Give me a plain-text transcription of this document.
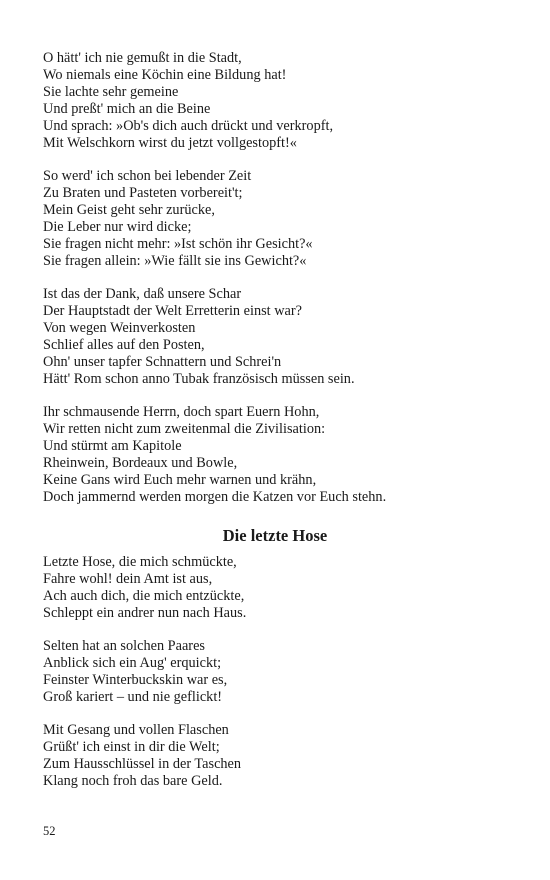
O hätt' ich nie gemußt in die Stadt,
Wo niemals eine Köchin eine Bildung hat!
Sie lachte sehr gemeine
Und preßt' mich an die Beine
Und sprach: »Ob's dich auch drückt und verkropft,
Mit Welschkorn wirst du jetzt vollgestopft!«
So werd' ich schon bei lebender Zeit
Zu Braten und Pasteten vorbereit't;
Mein Geist geht sehr zurücke,
Die Leber nur wird dicke;
Sie fragen nicht mehr: »Ist schön ihr Gesicht?«
Sie fragen allein: »Wie fällt sie ins Gewicht?«
Ist das der Dank, daß unsere Schar
Der Hauptstadt der Welt Erretterin einst war?
Von wegen Weinverkosten
Schlief alles auf den Posten,
Ohn' unser tapfer Schnattern und Schrei'n
Hätt' Rom schon anno Tubak französisch müssen sein.
Ihr schmausende Herrn, doch spart Euern Hohn,
Wir retten nicht zum zweitenmal die Zivilisation:
Und stürmt am Kapitole
Rheinwein, Bordeaux und Bowle,
Keine Gans wird Euch mehr warnen und krähn,
Doch jammernd werden morgen die Katzen vor Euch stehn.
Die letzte Hose
Letzte Hose, die mich schmückte,
Fahre wohl! dein Amt ist aus,
Ach auch dich, die mich entzückte,
Schleppt ein andrer nun nach Haus.
Selten hat an solchen Paares
Anblick sich ein Aug' erquickt;
Feinster Winterbuckskin war es,
Groß kariert – und nie geflickt!
Mit Gesang und vollen Flaschen
Grüßt' ich einst in dir die Welt;
Zum Hausschlüssel in der Taschen
Klang noch froh das bare Geld.
52
